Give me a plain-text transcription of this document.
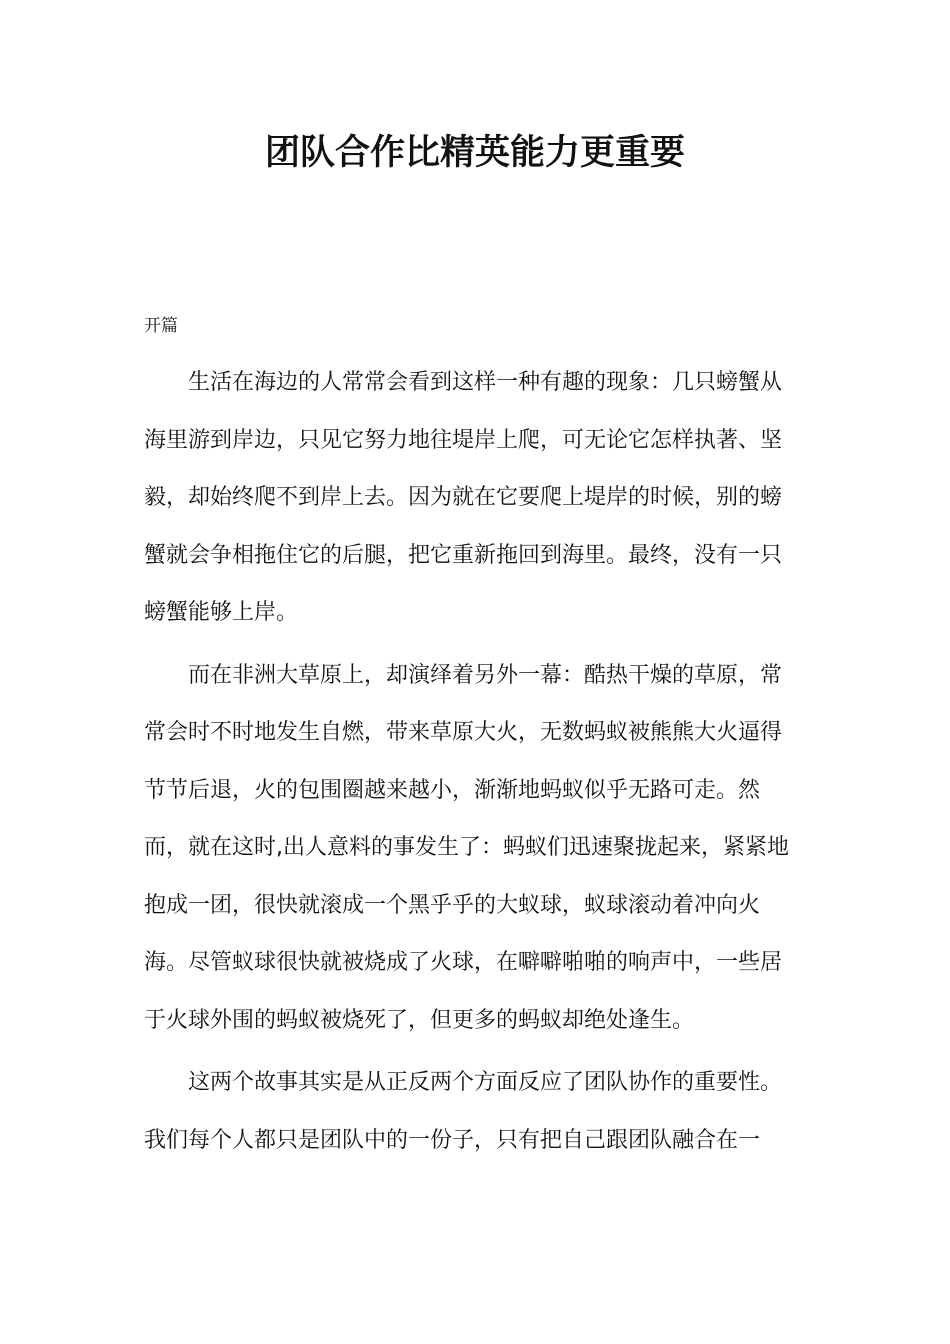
团队合作比精英能力更重要
开篇
生活在海边的人常常会看到这样一种有趣的现象：几只螃蟹从
海里游到岸边，只见它努力地往堤岸上爬，可无论它怎样执著、坚
毅，却始终爬不到岸上去。因为就在它要爬上堤岸的时候，别的螃
蟹就会争相拖住它的后腿，把它重新拖回到海里。最终，没有一只
螃蟹能够上岸。
而在非洲大草原上，却演绎着另外一幕：酷热干燥的草原，常
常会时不时地发生自燃，带来草原大火，无数蚂蚁被熊熊大火逼得
节节后退，火的包围圈越来越小，渐渐地蚂蚁似乎无路可走。然
而，就在这时,出人意料的事发生了：蚂蚁们迅速聚拢起来，紧紧地
抱成一团，很快就滚成一个黑乎乎的大蚁球，蚁球滚动着冲向火
海。尽管蚁球很快就被烧成了火球，在噼噼啪啪的响声中，一些居
于火球外围的蚂蚁被烧死了，但更多的蚂蚁却绝处逢生。
这两个故事其实是从正反两个方面反应了团队协作的重要性。
我们每个人都只是团队中的一份子，只有把自己跟团队融合在一
